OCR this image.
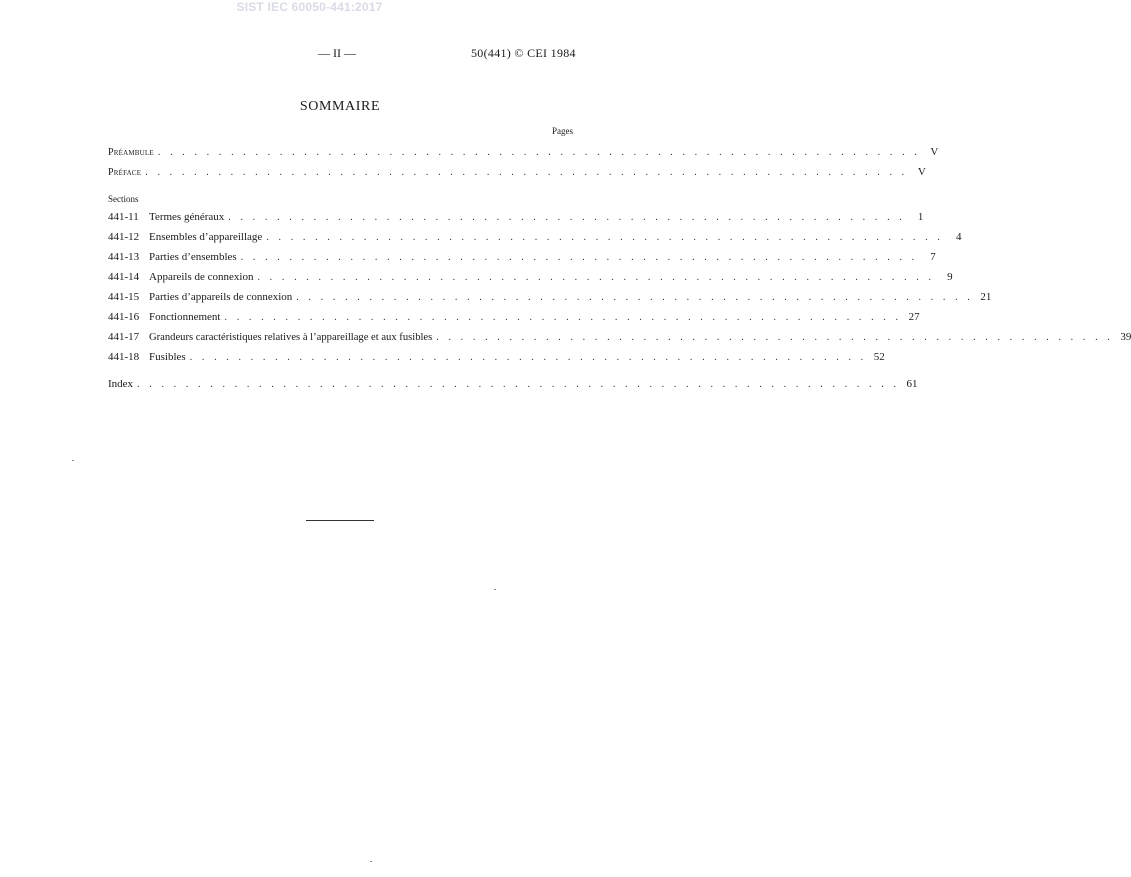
SIST IEC 60050-441:2017
— II —	50(441) © CEI 1984
SOMMAIRE
Pages
Préambule . . . . . . . . . . . . . . . . . . . . . . . . . . . . . . . . . . . . . . . . . . . . . . . . . . . . . . . . . . . . . . . V
Préface . . . . . . . . . . . . . . . . . . . . . . . . . . . . . . . . . . . . . . . . . . . . . . . . . . . . . . . . . . . . . . . V
Sections
441-11 Termes généraux . . . . . . . . . . . . . . . . . . . . . . . . . . . . . . . . . . . . . . . . . . . . . . . . . . . . . . . .	1
441-12 Ensembles d’appareillage . . . . . . . . . . . . . . . . . . . . . . . . . . . . . . . . . . . . . . . . . . . . . . . . . . . . . . . .	4
441-13 Parties d’ensembles . . . . . . . . . . . . . . . . . . . . . . . . . . . . . . . . . . . . . . . . . . . . . . . . . . . . . . . .	7
441-14 Appareils de connexion . . . . . . . . . . . . . . . . . . . . . . . . . . . . . . . . . . . . . . . . . . . . . . . . . . . . . . . .	9
441-15 Parties d’appareils de connexion . . . . . . . . . . . . . . . . . . . . . . . . . . . . . . . . . . . . . . . . . . . . . . . . . . . . . . . . 21
441-16 Fonctionnement . . . . . . . . . . . . . . . . . . . . . . . . . . . . . . . . . . . . . . . . . . . . . . . . . . . . . . . . 27
441-17 Grandeurs caractéristiques relatives à l’appareillage et aux fusibles . . . . . . . . . . . . . . . . . . . . . . . . . . . . . . . . . . . . . . . . . . . . . . . . . . . . . . . . 39
441-18 Fusibles . . . . . . . . . . . . . . . . . . . . . . . . . . . . . . . . . . . . . . . . . . . . . . . . . . . . . . . . 52
Index . . . . . . . . . . . . . . . . . . . . . . . . . . . . . . . . . . . . . . . . . . . . . . . . . . . . . . . . . . . . . . . 61
